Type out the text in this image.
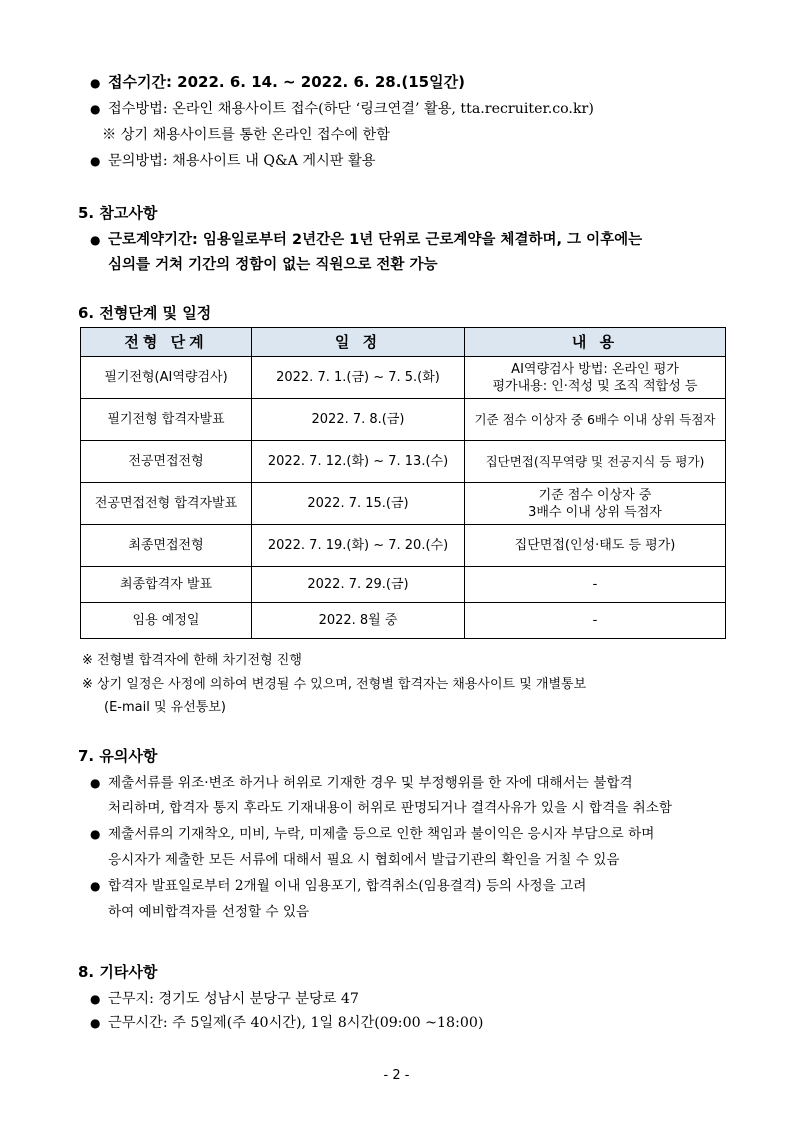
● 접수기간: 2022. 6. 14. ~ 2022. 6. 28.(15일간)
● 접수방법: 온라인 채용사이트 접수(하단 ‘링크연결’ 활용, tta.recruiter.co.kr)
※ 상기 채용사이트를 통한 온라인 접수에 한함
● 문의방법: 채용사이트 내 Q&A 게시판 활용
5. 참고사항
● 근로계약기간: 임용일로부터 2년간은 1년 단위로 근로계약을 체결하며, 그 이후에는
심의를 거쳐 기간의 정함이 없는 직원으로 전환 가능
6. 전형단계 및 일정
전형 단계	일 정	내 용
필기전형(AI역량검사)	2022. 7. 1.(금) ~ 7. 5.(화)	AI역량검사 방법: 온라인 평가
평가내용: 인·적성 및 조직 적합성 등

필기전형 합격자발표	2022. 7. 8.(금)	기준 점수 이상자 중 6배수 이내 상위 득점자
전공면접전형	2022. 7. 12.(화) ~ 7. 13.(수)	집단면접(직무역량 및 전공지식 등 평가)
전공면접전형 합격자발표	2022. 7. 15.(금)	기준 점수 이상자 중
3배수 이내 상위 득점자

최종면접전형	2022. 7. 19.(화) ~ 7. 20.(수)	집단면접(인성·태도 등 평가)
최종합격자 발표	2022. 7. 29.(금)	-
임용 예정일	2022. 8월 중	-
※ 전형별 합격자에 한해 차기전형 진행
※ 상기 일정은 사정에 의하여 변경될 수 있으며, 전형별 합격자는 채용사이트 및 개별통보
(E-mail 및 유선통보)
7. 유의사항
● 제출서류를 위조·변조 하거나 허위로 기재한 경우 및 부정행위를 한 자에 대해서는 불합격
처리하며, 합격자 통지 후라도 기재내용이 허위로 판명되거나 결격사유가 있을 시 합격을 취소함
● 제출서류의 기재착오, 미비, 누락, 미제출 등으로 인한 책임과 불이익은 응시자 부담으로 하며
응시자가 제출한 모든 서류에 대해서 필요 시 협회에서 발급기관의 확인을 거칠 수 있음
● 합격자 발표일로부터 2개월 이내 임용포기, 합격취소(임용결격) 등의 사정을 고려
하여 예비합격자를 선정할 수 있음
8. 기타사항
● 근무지: 경기도 성남시 분당구 분당로 47
● 근무시간: 주 5일제(주 40시간), 1일 8시간(09:00 ~18:00)
- 2 -
